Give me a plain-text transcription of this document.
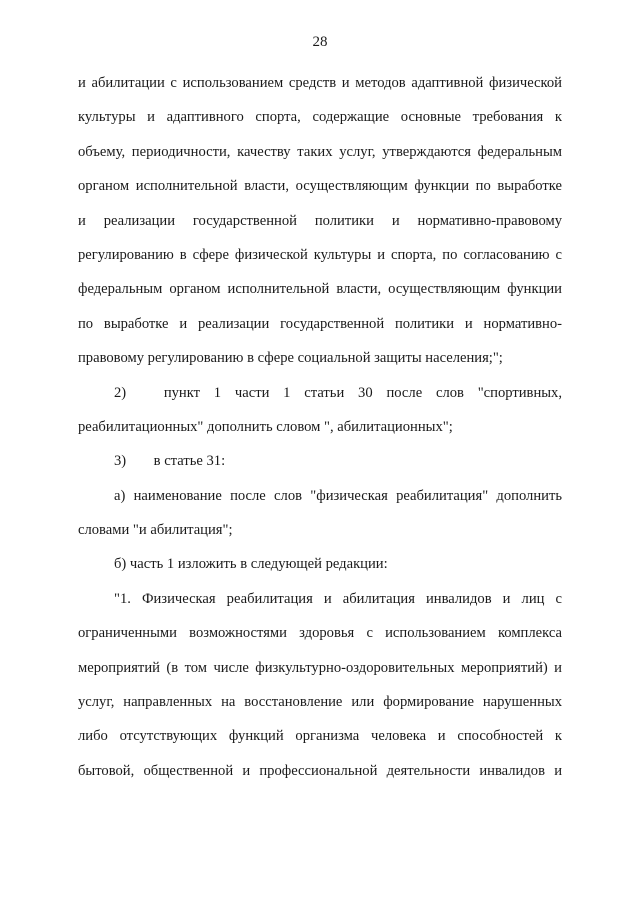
28
и абилитации с использованием средств и методов адаптивной физической
культуры и адаптивного спорта, содержащие основные требования к
объему, периодичности, качеству таких услуг, утверждаются федеральным
органом исполнительной власти, осуществляющим функции по выработке
и реализации государственной политики и нормативно-правовому
регулированию в сфере физической культуры и спорта, по согласованию с
федеральным органом исполнительной власти, осуществляющим функции
по выработке и реализации государственной политики и нормативно-
правовому регулированию в сфере социальной защиты населения;";
2)	пункт 1 части 1 статьи 30 после слов "спортивных,
реабилитационных" дополнить словом ", абилитационных";
3) в статье 31:
а) наименование после слов "физическая реабилитация" дополнить
словами "и абилитация";
б) часть 1 изложить в следующей редакции:
"1. Физическая реабилитация и абилитация инвалидов и лиц с
ограниченными возможностями здоровья с использованием комплекса
мероприятий (в том числе физкультурно-оздоровительных мероприятий) и
услуг, направленных на восстановление или формирование нарушенных
либо отсутствующих функций организма человека и способностей к
бытовой, общественной и профессиональной деятельности инвалидов и
